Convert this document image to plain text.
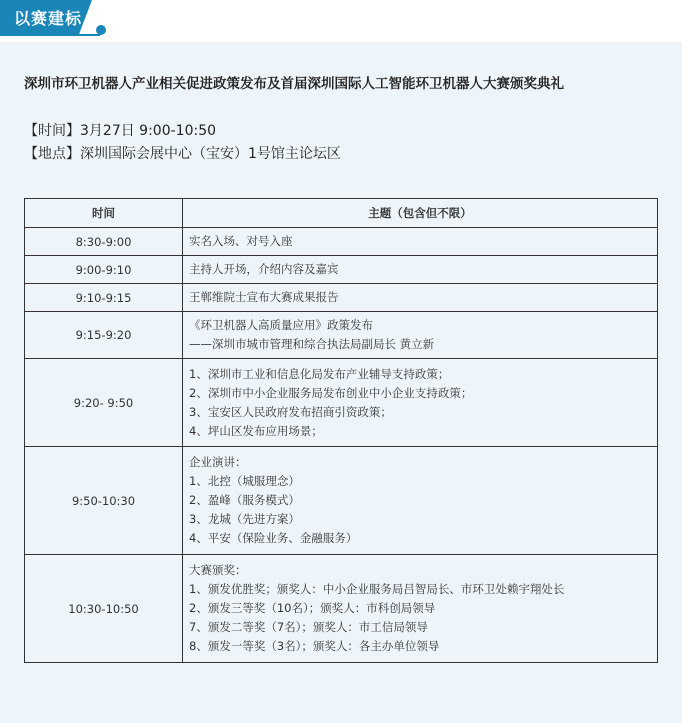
以赛建标
深圳市环卫机器人产业相关促进政策发布及首届深圳国际人工智能环卫机器人大赛颁奖典礼
【时间】3月27日 9:00-10:50
【地点】深圳国际会展中心（宝安）1号馆主论坛区
时间	主题（包含但不限）
8:30-9:00	实名入场、对号入座

9:00-9:10	主持人开场，介绍内容及嘉宾

9:10-9:15	王郸维院士宣布大赛成果报告

9:15-9:20	《环卫机器人高质量应用》政策发布
——深圳市城市管理和综合执法局副局长 黄立新

9:20- 9:50	1、深圳市工业和信息化局发布产业辅导支持政策；
2、深圳市中小企业服务局发布创业中小企业支持政策；
3、宝安区人民政府发布招商引资政策；
4、坪山区发布应用场景；

9:50-10:30	企业演讲：
1、北控（城服理念）
2、盈峰（服务模式）
3、龙城（先进方案）
4、平安（保险业务、金融服务）

10:30-10:50	大赛颁奖：
1、颁发优胜奖；颁奖人：中小企业服务局吕智局长、市环卫处赖宇翔处长
2、颁发三等奖（10名）；颁奖人：市科创局领导
7、颁发二等奖（7名）；颁奖人：市工信局领导
8、颁发一等奖（3名）；颁奖人：各主办单位领导
